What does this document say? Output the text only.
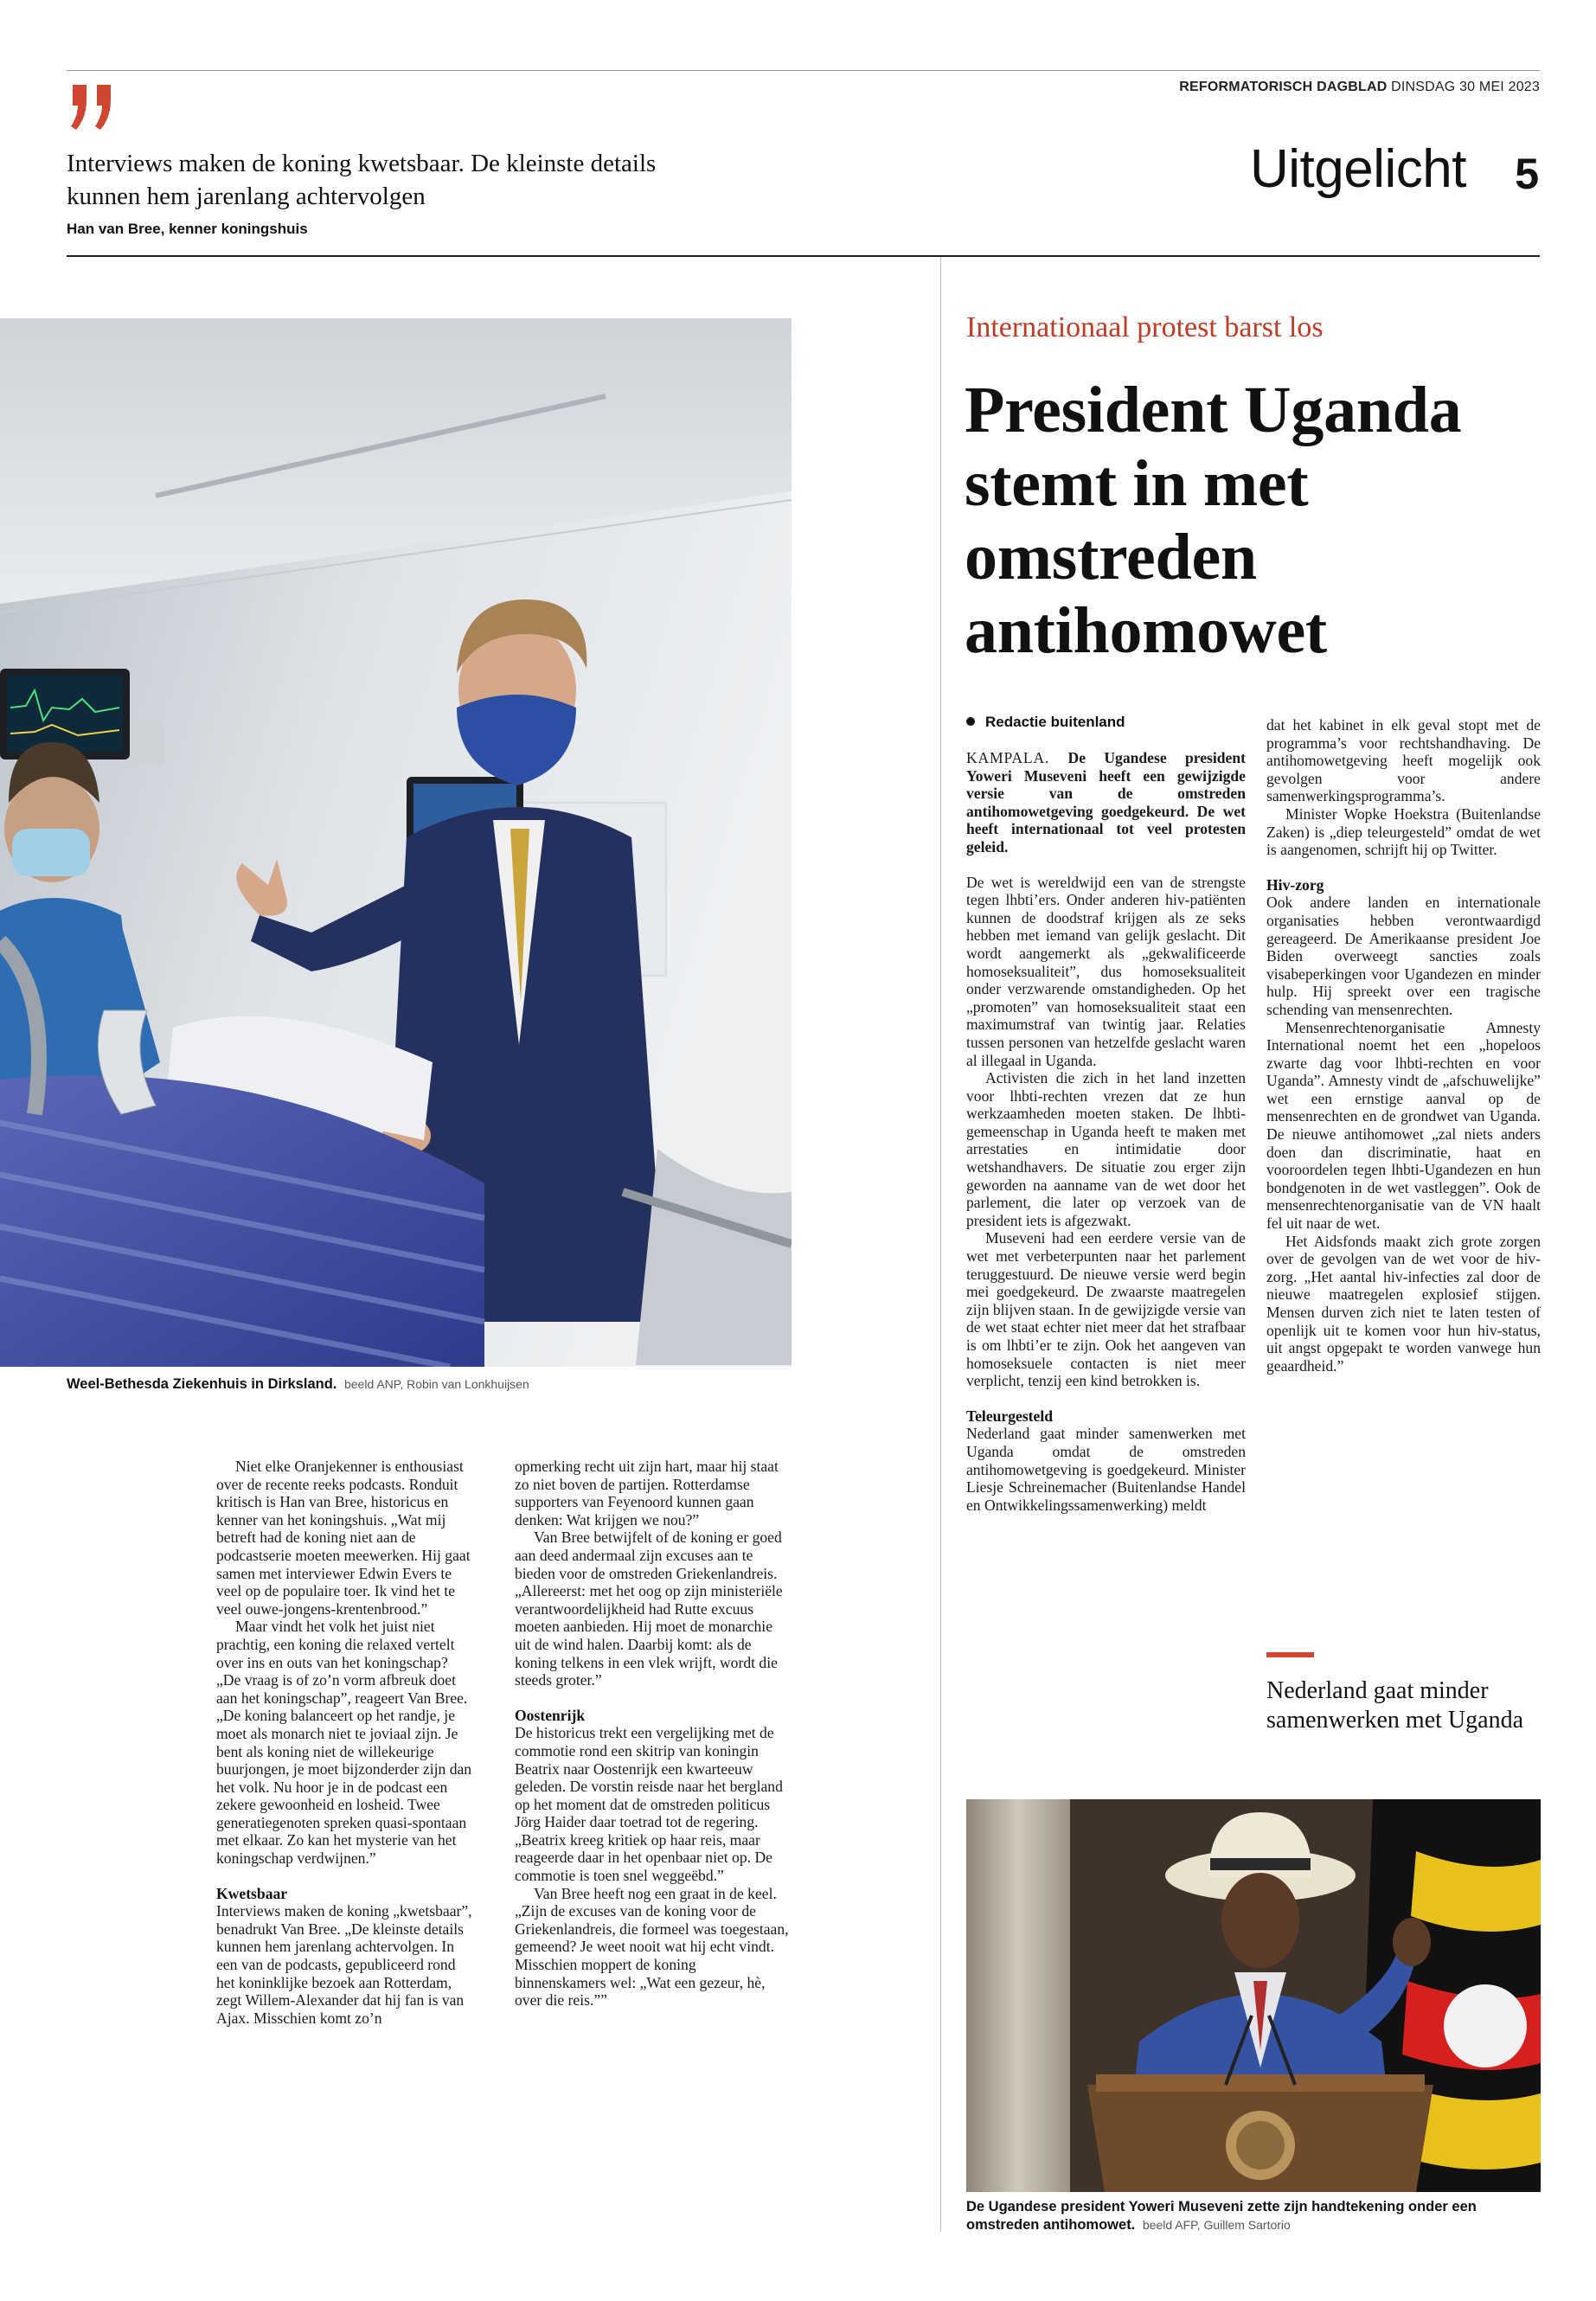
REFORMATORISCH DAGBLAD DINSDAG 30 MEI 2023
Interviews maken de koning kwetsbaar. De kleinste details kunnen hem jarenlang achtervolgen
Han van Bree, kenner koningshuis
Uitgelicht 5
Weel-Bethesda Ziekenhuis in Dirksland. beeld ANP, Robin van Lonkhuijsen

Niet elke Oranjekenner is enthousiast over de recente reeks podcasts. Ronduit kritisch is Han van Bree, historicus en kenner van het koningshuis. „Wat mij betreft had de koning niet aan de podcastserie moeten meewerken. Hij gaat samen met interviewer Edwin Evers te veel op de populaire toer. Ik vind het te veel ouwe-jongens-krentenbrood.”

Maar vindt het volk het juist niet prachtig, een koning die relaxed vertelt over ins en outs van het koningschap? „De vraag is of zo’n vorm afbreuk doet aan het koningschap”, reageert Van Bree. „De koning balanceert op het randje, je moet als monarch niet te joviaal zijn. Je bent als koning niet de willekeurige buurjongen, je moet bijzonderder zijn dan het volk. Nu hoor je in de podcast een zekere gewoonheid en losheid. Twee generatiegenoten spreken quasi-spontaan met elkaar. Zo kan het mysterie van het koningschap verdwijnen.”

Kwetsbaar

Interviews maken de koning „kwetsbaar”, benadrukt Van Bree. „De kleinste details kunnen hem jarenlang achtervolgen. In een van de podcasts, gepubliceerd rond het koninklijke bezoek aan Rotterdam, zegt Willem-Alexander dat hij fan is van Ajax. Misschien komt zo’n

opmerking recht uit zijn hart, maar hij staat zo niet boven de partijen. Rotterdamse supporters van Feyenoord kunnen gaan denken: Wat krijgen we nou?”

Van Bree betwijfelt of de koning er goed aan deed andermaal zijn excuses aan te bieden voor de omstreden Griekenlandreis. „Allereerst: met het oog op zijn ministeriële verantwoordelijkheid had Rutte excuus moeten aanbieden. Hij moet de monarchie uit de wind halen. Daarbij komt: als de koning telkens in een vlek wrijft, wordt die steeds groter.”

Oostenrijk

De historicus trekt een vergelijking met de commotie rond een skitrip van koningin Beatrix naar Oostenrijk een kwarteeuw geleden. De vorstin reisde naar het bergland op het moment dat de omstreden politicus Jörg Haider daar toetrad tot de regering. „Beatrix kreeg kritiek op haar reis, maar reageerde daar in het openbaar niet op. De commotie is toen snel weggeëbd.”

Van Bree heeft nog een graat in de keel. „Zijn de excuses van de koning voor de Griekenlandreis, die formeel was toegestaan, gemeend? Je weet nooit wat hij echt vindt. Misschien moppert de koning binnenskamers wel: „Wat een gezeur, hè, over die reis.””

Internationaal protest barst los
President Uganda stemt in met omstreden antihomowet
Redactie buitenland

KAMPALA. De Ugandese president Yoweri Museveni heeft een gewijzigde versie van de omstreden antihomowetgeving goedgekeurd. De wet heeft internationaal tot veel protesten geleid.

De wet is wereldwijd een van de strengste tegen lhbti’ers. Onder anderen hiv-patiënten kunnen de doodstraf krijgen als ze seks hebben met iemand van gelijk geslacht. Dit wordt aangemerkt als „gekwalificeerde homoseksualiteit”, dus homoseksualiteit onder verzwarende omstandigheden. Op het „promoten” van homoseksualiteit staat een maximumstraf van twintig jaar. Relaties tussen personen van hetzelfde geslacht waren al illegaal in Uganda.

Activisten die zich in het land inzetten voor lhbti-rechten vrezen dat ze hun werkzaamheden moeten staken. De lhbti-gemeenschap in Uganda heeft te maken met arrestaties en intimidatie door wetshandhavers. De situatie zou erger zijn geworden na aanname van de wet door het parlement, die later op verzoek van de president iets is afgezwakt.

Museveni had een eerdere versie van de wet met verbeterpunten naar het parlement teruggestuurd. De nieuwe versie werd begin mei goedgekeurd. De zwaarste maatregelen zijn blijven staan. In de gewijzigde versie van de wet staat echter niet meer dat het strafbaar is om lhbti’er te zijn. Ook het aangeven van homoseksuele contacten is niet meer verplicht, tenzij een kind betrokken is.

Teleurgesteld

Nederland gaat minder samenwerken met Uganda omdat de omstreden antihomowetgeving is goedgekeurd. Minister Liesje Schreinemacher (Buitenlandse Handel en Ontwikkelingssamenwerking) meldt

dat het kabinet in elk geval stopt met de programma’s voor rechtshandhaving. De antihomowetgeving heeft mogelijk ook gevolgen voor andere samenwerkingsprogramma’s.

Minister Wopke Hoekstra (Buitenlandse Zaken) is „diep teleurgesteld” omdat de wet is aangenomen, schrijft hij op Twitter.

Hiv-zorg

Ook andere landen en internationale organisaties hebben verontwaardigd gereageerd. De Amerikaanse president Joe Biden overweegt sancties zoals visabeperkingen voor Ugandezen en minder hulp. Hij spreekt over een tragische schending van mensenrechten.

Mensenrechtenorganisatie Amnesty International noemt het een „hopeloos zwarte dag voor lhbti-rechten en voor Uganda”. Amnesty vindt de „afschuwelijke” wet een ernstige aanval op de mensenrechten en de grondwet van Uganda. De nieuwe antihomowet „zal niets anders doen dan discriminatie, haat en vooroordelen tegen lhbti-Ugandezen en hun bondgenoten in de wet vastleggen”. Ook de mensenrechtenorganisatie van de VN haalt fel uit naar de wet.

Het Aidsfonds maakt zich grote zorgen over de gevolgen van de wet voor de hiv-zorg. „Het aantal hiv-infecties zal door de nieuwe maatregelen explosief stijgen. Mensen durven zich niet te laten testen of openlijk uit te komen voor hun hiv-status, uit angst opgepakt te worden vanwege hun geaardheid.”

Nederland gaat minder samenwerken met Uganda
De Ugandese president Yoweri Museveni zette zijn handtekening onder een omstreden antihomowet. beeld AFP, Guillem Sartorio
